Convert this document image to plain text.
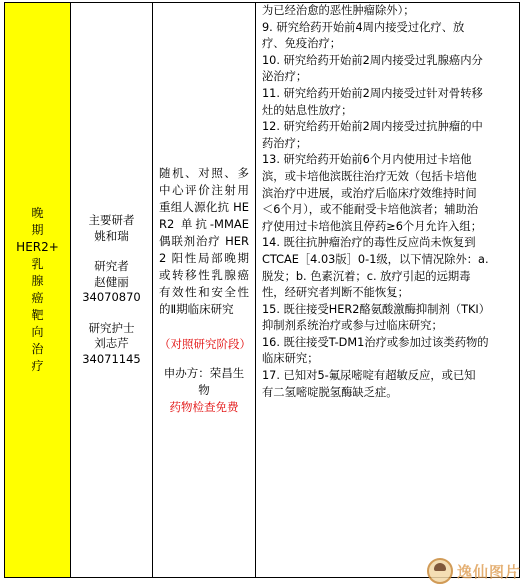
晚
期
HER2+
乳
腺
癌
靶
向
治
疗
主要研者
姚和瑞
研究者
赵健丽
34070870
研究护士
刘志芹
34071145
随机、对照、多中心评价注射用重组人源化抗 HER2 单抗-MMAE 偶联剂治疗 HER2 阳性局部晚期或转移性乳腺癌有效性和安全性的Ⅱ期临床研究
（对照研究阶段）
申办方：荣昌生物
药物检查免费
为已经治愈的恶性肿瘤除外）；
9. 研究给药开始前4周内接受过化疗、放
疗、免疫治疗；
10. 研究给药开始前2周内接受过乳腺癌内分
泌治疗；
11. 研究给药开始前2周内接受过针对骨转移
灶的姑息性放疗；
12. 研究给药开始前2周内接受过抗肿瘤的中
药治疗；
13. 研究给药开始前6个月内使用过卡培他
滨，或卡培他滨既往治疗无效（包括卡培他
滨治疗中进展，或治疗后临床疗效维持时间
＜6个月），或不能耐受卡培他滨者；辅助治
疗使用过卡培他滨且停药≥6个月允许入组；
14. 既往抗肿瘤治疗的毒性反应尚未恢复到
CTCAE［4.03版］0-1级，以下情况除外：a.
脱发；b. 色素沉着；c. 放疗引起的远期毒
性，经研究者判断不能恢复；
15. 既往接受HER2酪氨酸激酶抑制剂（TKI）
抑制剂系统治疗或参与过临床研究；
16. 既往接受T-DM1治疗或参加过该类药物的
临床研究；
17. 已知对5-氟尿嘧啶有超敏反应，或已知
有二氢嘧啶脱氢酶缺乏症。
逸仙图片
